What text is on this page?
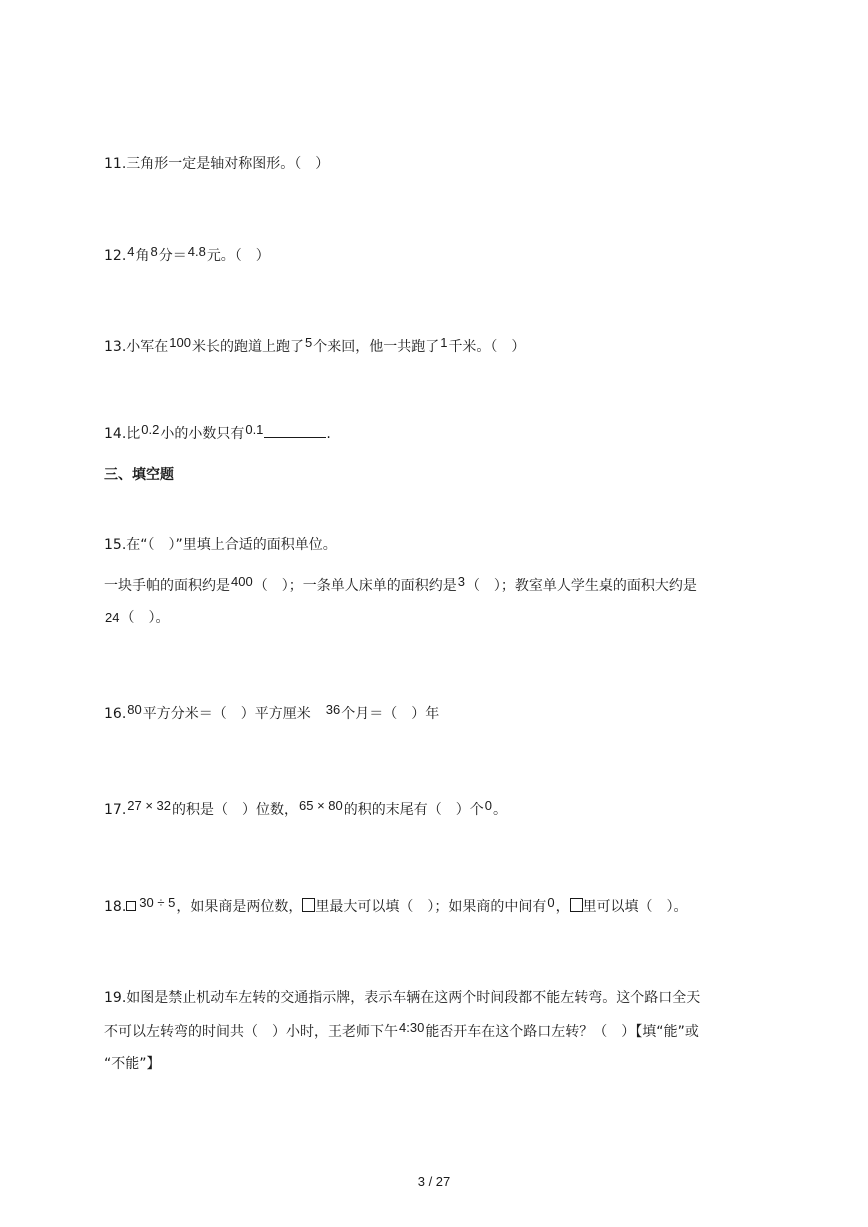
11.三角形一定是轴对称图形。（　）
12.4角8分＝4.8元。（　）
13.小军在100米长的跑道上跑了5个来回，他一共跑了1千米。（　）
14.比0.2小的小数只有0.1	.
三、填空题
15.在“（　）”里填上合适的面积单位。
一块手帕的面积约是400（　）；一条单人床单的面积约是3（　）；教室单人学生桌的面积大约是
24（　）。
16.80平方分米＝（　）平方厘米　36个月＝（　）年
17.27 × 32的积是（　）位数，65 × 80的积的末尾有（　）个0。
18. 30 ÷ 5，如果商是两位数， 里最大可以填（　）；如果商的中间有0， 里可以填（　）。
19.如图是禁止机动车左转的交通指示牌，表示车辆在这两个时间段都不能左转弯。这个路口全天
不可以左转弯的时间共（　）小时，王老师下午4:30能否开车在这个路口左转？（　）【填“能”或
“不能”】
3 / 27
